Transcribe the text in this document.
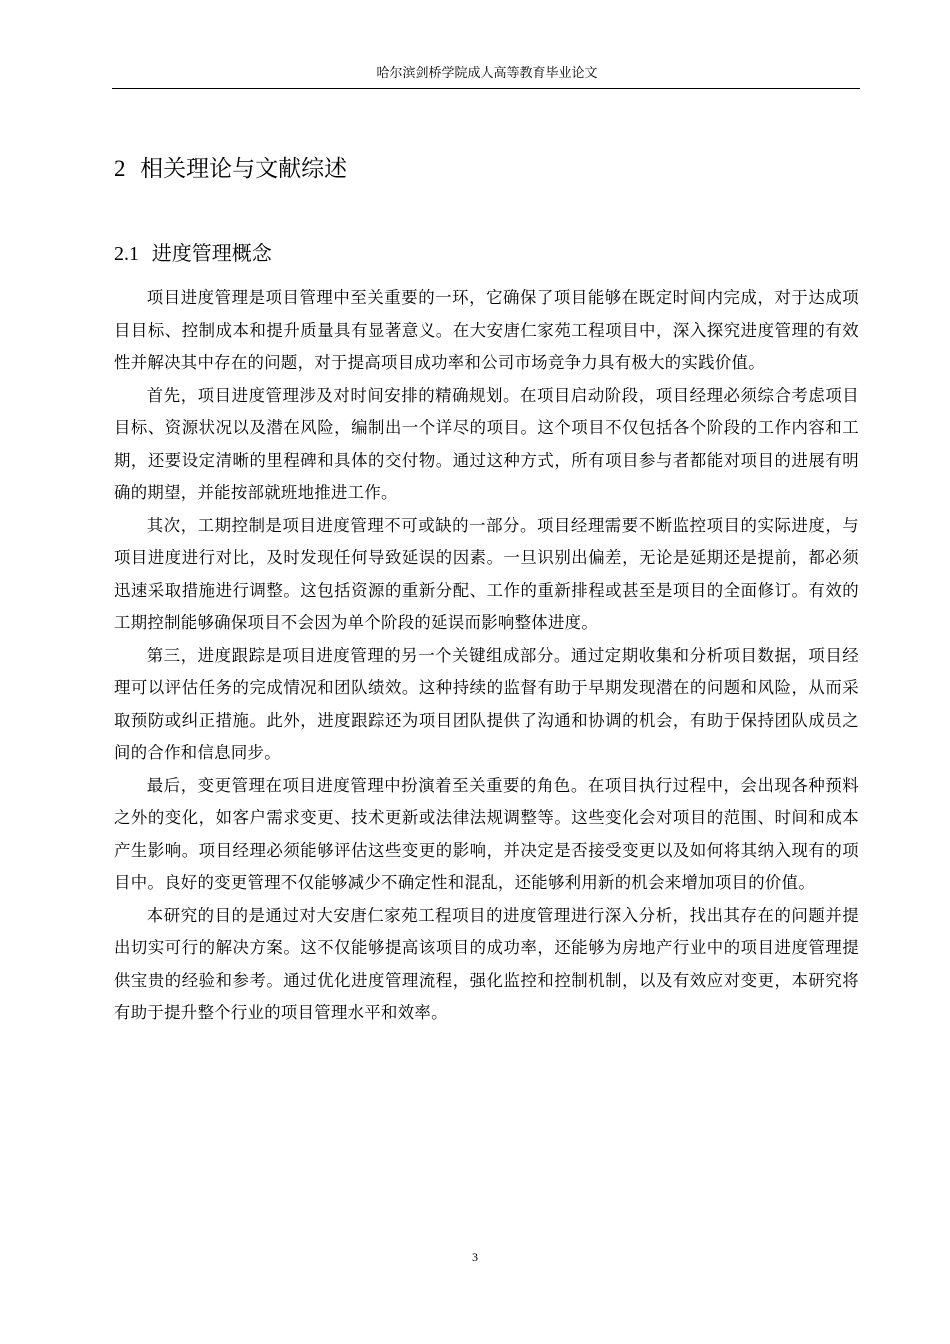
哈尔滨剑桥学院成人高等教育毕业论文
2 相关理论与文献综述
2.1 进度管理概念

项目进度管理是项目管理中至关重要的一环，它确保了项目能够在既定时间内完成，对于达成项目目标、控制成本和提升质量具有显著意义。在大安唐仁家苑工程项目中，深入探究进度管理的有效性并解决其中存在的问题，对于提高项目成功率和公司市场竞争力具有极大的实践价值。

首先，项目进度管理涉及对时间安排的精确规划。在项目启动阶段，项目经理必须综合考虑项目目标、资源状况以及潜在风险，编制出一个详尽的项目。这个项目不仅包括各个阶段的工作内容和工期，还要设定清晰的里程碑和具体的交付物。通过这种方式，所有项目参与者都能对项目的进展有明确的期望，并能按部就班地推进工作。

其次，工期控制是项目进度管理不可或缺的一部分。项目经理需要不断监控项目的实际进度，与项目进度进行对比，及时发现任何导致延误的因素。一旦识别出偏差，无论是延期还是提前，都必须迅速采取措施进行调整。这包括资源的重新分配、工作的重新排程或甚至是项目的全面修订。有效的工期控制能够确保项目不会因为单个阶段的延误而影响整体进度。

第三，进度跟踪是项目进度管理的另一个关键组成部分。通过定期收集和分析项目数据，项目经理可以评估任务的完成情况和团队绩效。这种持续的监督有助于早期发现潜在的问题和风险，从而采取预防或纠正措施。此外，进度跟踪还为项目团队提供了沟通和协调的机会，有助于保持团队成员之间的合作和信息同步。

最后，变更管理在项目进度管理中扮演着至关重要的角色。在项目执行过程中，会出现各种预料之外的变化，如客户需求变更、技术更新或法律法规调整等。这些变化会对项目的范围、时间和成本产生影响。项目经理必须能够评估这些变更的影响，并决定是否接受变更以及如何将其纳入现有的项目中。良好的变更管理不仅能够减少不确定性和混乱，还能够利用新的机会来增加项目的价值。

本研究的目的是通过对大安唐仁家苑工程项目的进度管理进行深入分析，找出其存在的问题并提出切实可行的解决方案。这不仅能够提高该项目的成功率，还能够为房地产行业中的项目进度管理提供宝贵的经验和参考。通过优化进度管理流程，强化监控和控制机制，以及有效应对变更，本研究将有助于提升整个行业的项目管理水平和效率。

3
